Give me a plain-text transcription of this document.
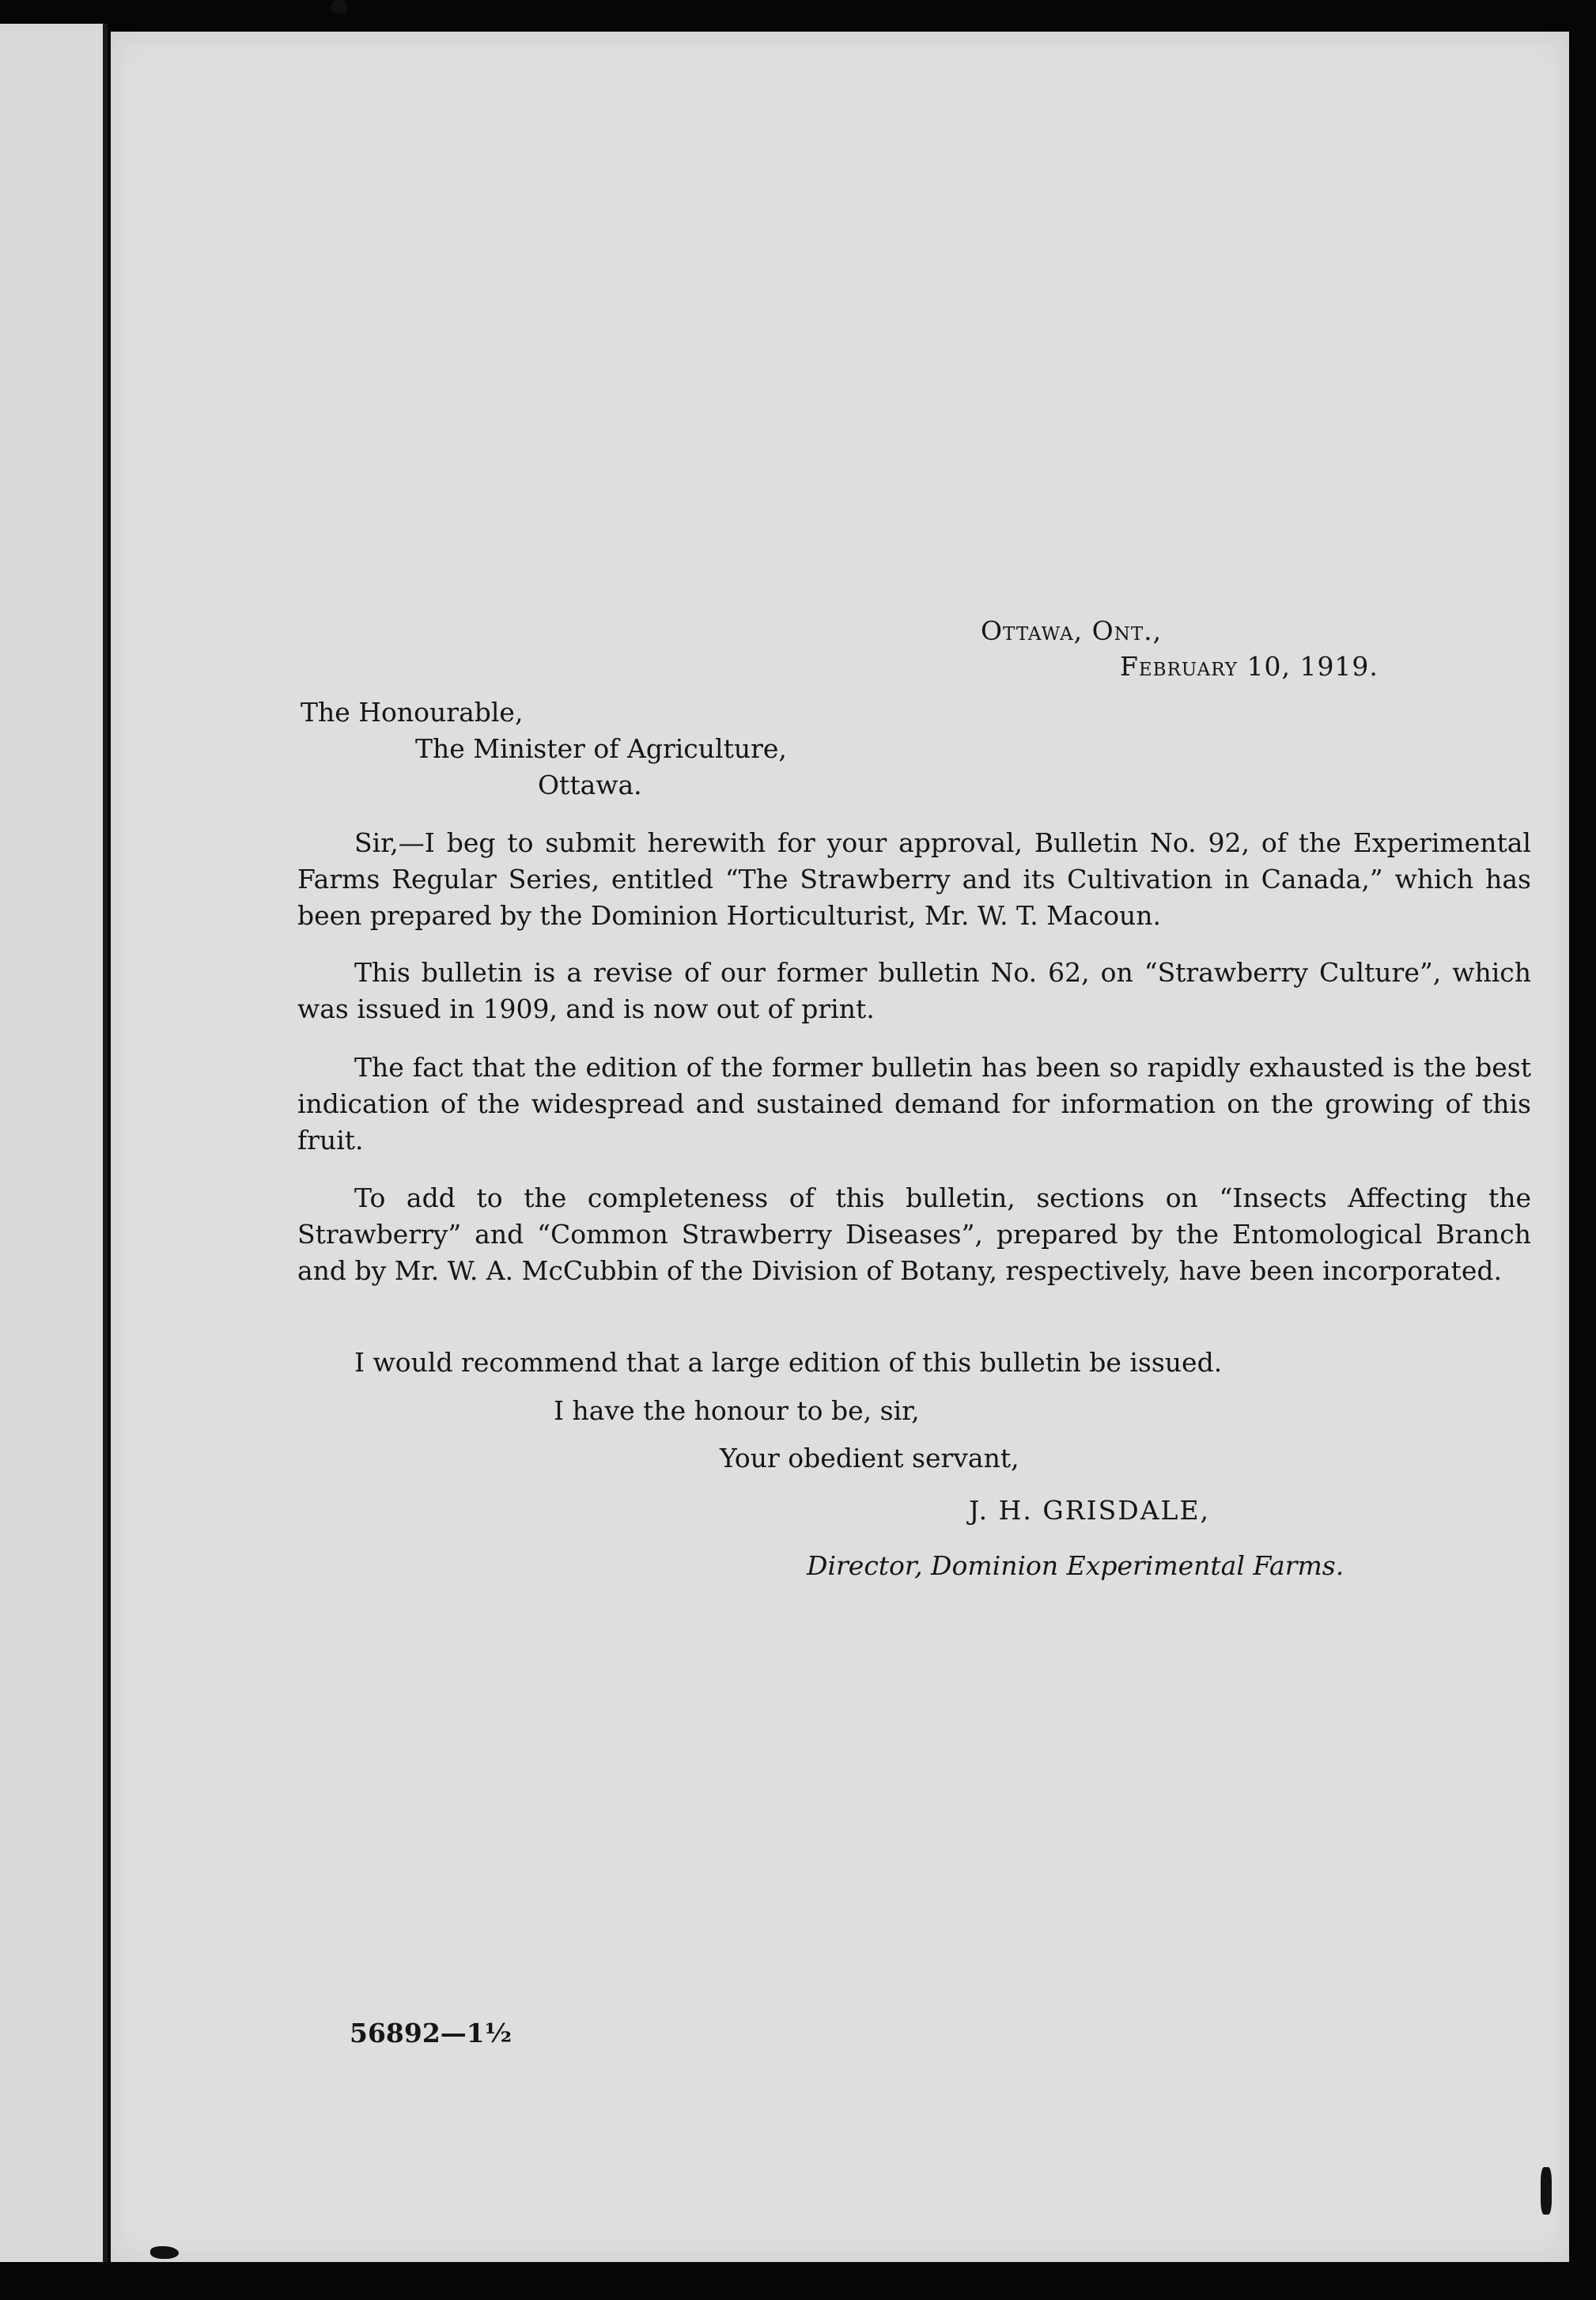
Ottawa, Ont.,
February 10, 1919.
The Honourable,
The Minister of Agriculture,
Ottawa.
Sir,—I beg to submit herewith for your approval, Bulletin No. 92, of the Experimental Farms Regular Series, entitled “The Strawberry and its Cultivation in Canada,” which has been prepared by the Dominion Horticulturist, Mr. W. T. Macoun.
This bulletin is a revise of our former bulletin No. 62, on “Strawberry Culture”, which was issued in 1909, and is now out of print.
The fact that the edition of the former bulletin has been so rapidly exhausted is the best indication of the widespread and sustained demand for information on the growing of this fruit.
To add to the completeness of this bulletin, sections on “Insects Affecting the Strawberry” and “Common Strawberry Diseases”, prepared by the Entomological Branch and by Mr. W. A. McCubbin of the Division of Botany, respectively, have been incorporated.
I would recommend that a large edition of this bulletin be issued.
I have the honour to be, sir,
Your obedient servant,
J. H. GRISDALE,
Director, Dominion Experimental Farms.
56892—1½
